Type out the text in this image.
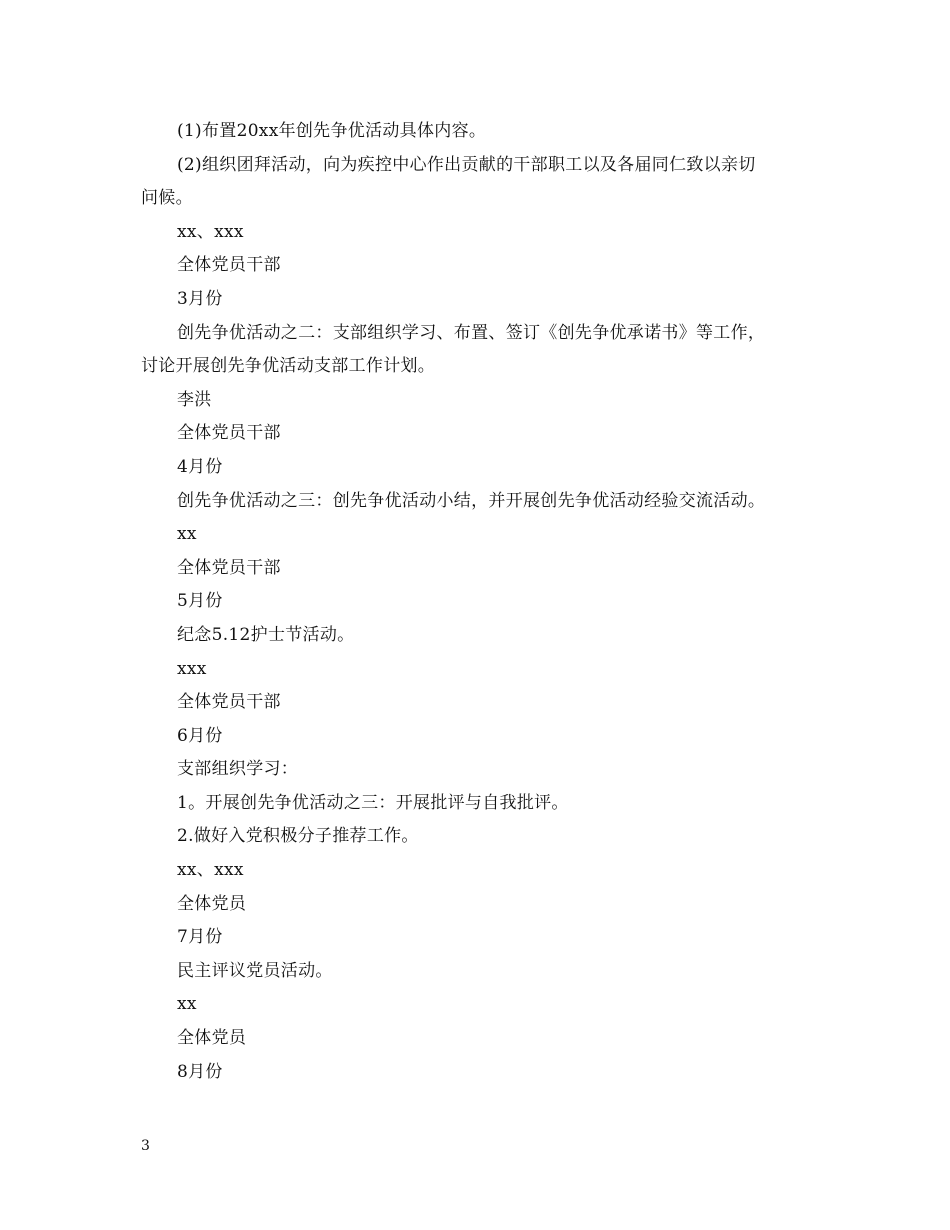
(1)布置20xx年创先争优活动具体内容。
(2)组织团拜活动，向为疾控中心作出贡献的干部职工以及各届同仁致以亲切
问候。
xx、xxx
全体党员干部
3月份
创先争优活动之二：支部组织学习、布置、签订《创先争优承诺书》等工作，
讨论开展创先争优活动支部工作计划。
李洪
全体党员干部
4月份
创先争优活动之三：创先争优活动小结，并开展创先争优活动经验交流活动。
xx
全体党员干部
5月份
纪念5.12护士节活动。
xxx
全体党员干部
6月份
支部组织学习：
1。开展创先争优活动之三：开展批评与自我批评。
2.做好入党积极分子推荐工作。
xx、xxx
全体党员
7月份
民主评议党员活动。
xx
全体党员
8月份
3
